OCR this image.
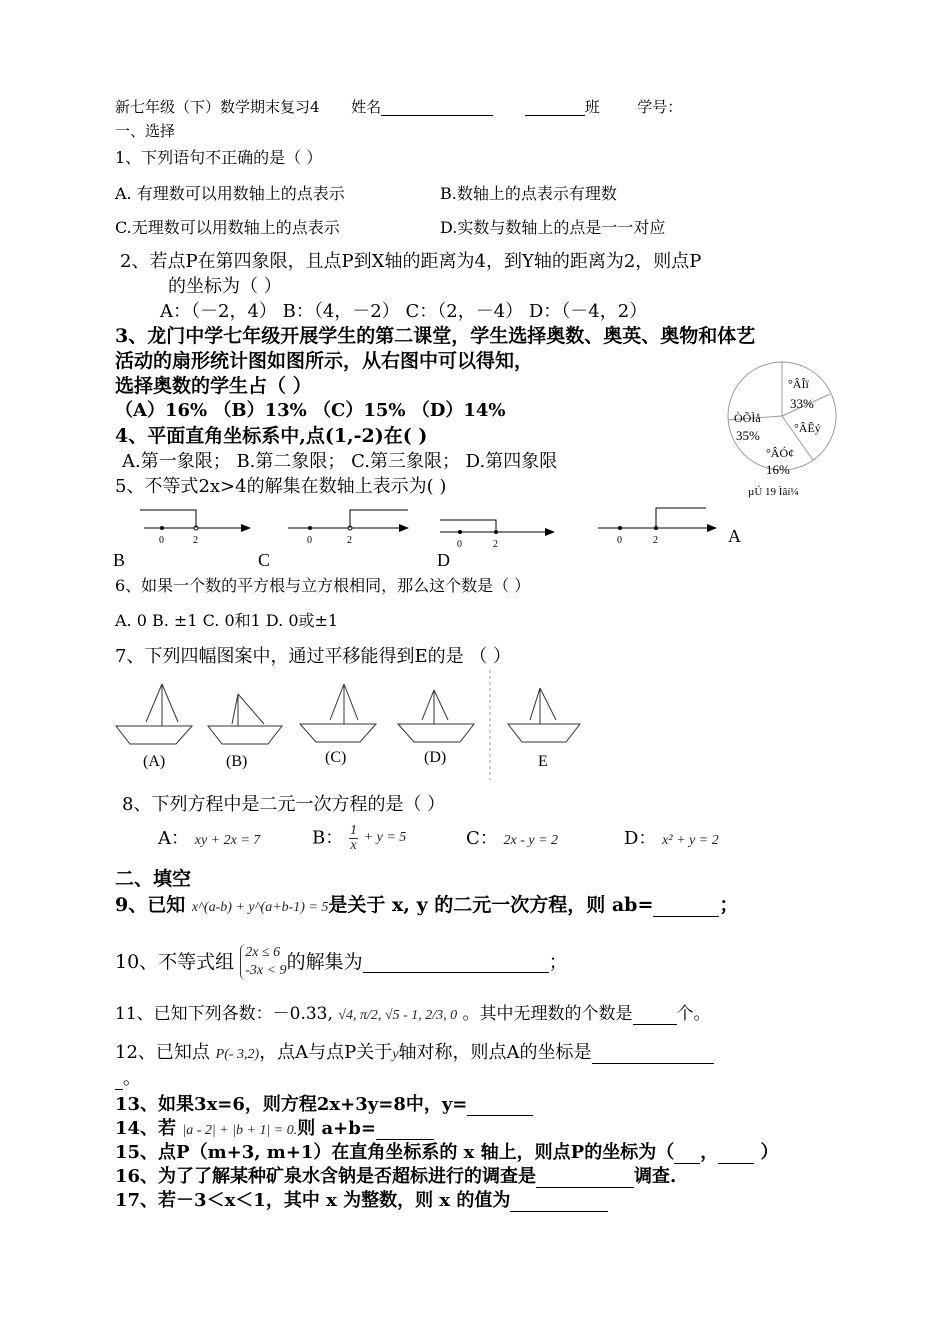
新七年级（下）数学期末复习4 姓名	班	学号：
一、选择
1、下列语句不正确的是（ ）
A. 有理数可以用数轴上的点表示	B.数轴上的点表示有理数
C.无理数可以用数轴上的点表示	D.实数与数轴上的点是一一对应
2、若点P在第四象限，且点P到X轴的距离为4，到Y轴的距离为2，则点P
的坐标为（ ）
A：（－2，4） B：（4，－2） C：（2，－4） D：（－4，2）
3、龙门中学七年级开展学生的第二课堂，学生选择奥数、奥英、奥物和体艺
活动的扇形统计图如图所示，从右图中可以得知，
选择奥数的学生占（ ）
（A）16% （B）13% （C）15% （D）14%
°ÂÎï
33%
ÒÕÌå
35%	°ÂÊý
°ÂÓ¢
16%
µÚ 19 Ìâí¼
4、平面直角坐标系中,点(1,-2)在( )
A.第一象限； B.第二象限； C.第三象限； D.第四象限
5、不等式2x>4的解集在数轴上表示为( )
0	2	0	2	0	2	0	2
B	C	D
A
6、如果一个数的平方根与立方根相同，那么这个数是（ ）
A. 0 B. ±1 C. 0和1 D. 0或±1
7、下列四幅图案中，通过平移能得到E的是 （ ）
(A)	(B)	(C)	(D)	E
8、下列方程中是二元一次方程的是（ ）
A： xy + 2x = 7	B： $\frac{1}{x} + y = 5$	C： 2x - y = 2	D： x² + y = 2
二、填空
9、已知 x^(a-b) + y^(a+b-1) = 5是关于 x, y 的二元一次方程，则 ab=	；
10、不等式组 2x ≤ 6
-3x < 9 的解集为	；
11、已知下列各数：－0.33, √4, π/2, √5 - 1, 2/3, 0 。其中无理数的个数是	个。
12、已知点 P(- 3,2)，点A与点P关于y轴对称，则点A的坐标是
。
13、如果3x=6，则方程2x+3y=8中，y=
14、若 |a - 2| + |b + 1| = 0.则 a+b=
15、点P（m+3, m+1）在直角坐标系的 x 轴上，则点P的坐标为（ ， ）
16、为了了解某种矿泉水含钠是否超标进行的调查是	调查.
17、若－3＜x＜1，其中 x 为整数，则 x 的值为
